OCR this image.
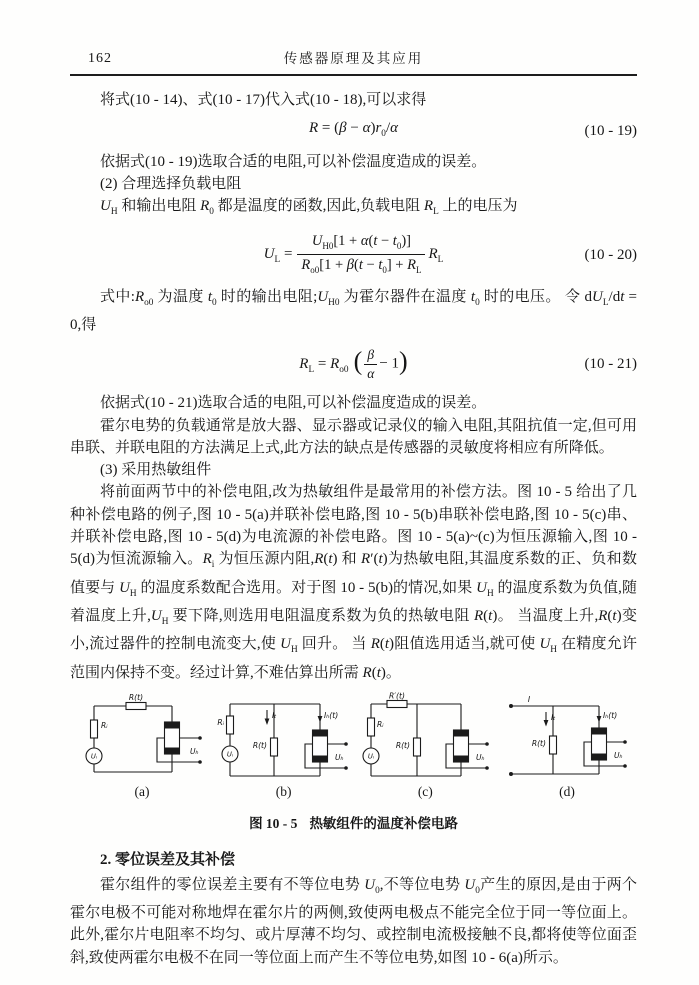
162	传感器原理及其应用

将式(10 - 14)、式(10 - 17)代入式(10 - 18),可以求得

$R = (\beta - \alpha)r_0/\alpha$	(10 - 19)

依据式(10 - 19)选取合适的电阻,可以补偿温度造成的误差。

(2) 合理选择负载电阻

$U_H$ 和输出电阻 $R_0$ 都是温度的函数,因此,负载电阻 $R_L$ 上的电压为

$U_L = \frac{U_{H0}[1 + \alpha(t - t_0)]}{R_{o0}[1 + \beta(t - t_0] + R_L} R_L$	(10 - 20)

式中$:R_{o0}$ 为温度 $t_0$ 时的输出电阻$;U_{H0}$ 为霍尔器件在温度 $t_0$ 时的电压。 令 $dU_L/dt = 0$,得

$R_L = R_{o0}$ ( $\frac{\beta}{\alpha} - 1$)	(10 - 21)

依据式(10 - 21)选取合适的电阻,可以补偿温度造成的误差。

霍尔电势的负载通常是放大器、显示器或记录仪的输入电阻,其阻抗值一定,但可用串联、并联电阻的方法满足上式,此方法的缺点是传感器的灵敏度将相应有所降低。

(3) 采用热敏组件

将前面两节中的补偿电阻,改为热敏组件是最常用的补偿方法。图 10 - 5 给出了几种补偿电路的例子,图 10 - 5(a)并联补偿电路,图 10 - 5(b)串联补偿电路,图 10 - 5(c)串、并联补偿电路,图 10 - 5(d)为电流源的补偿电路。图 10 - 5(a)~(c)为恒压源输入,图 10 - 5(d)为恒流源输入。$R_i$ 为恒压源内阻,R(t) 和 R′(t)为热敏电阻,其温度系数的正、负和数值要与 $U_H$ 的温度系数配合选用。对于图 10 - 5(b)的情况,如果 $U_H$ 的温度系数为负值,随着温度上升$,U_H$ 要下降,则选用电阻温度系数为负的热敏电阻 R(t)。 当温度上升,R(t)变小,流过器件的控制电流变大,使 $U_H$ 回升。 当 R(t)阻值选用适当,就可使 $U_H$ 在精度允许范围内保持不变。经过计算,不难估算出所需 R(t)。

R(t)
Rᵢ
Uᵢ
Uₕ
(a)
Rᵢ
Uᵢ
Iₜ
R(t)
Iₕ(t)
Uₕ
(b)
R′(t)
Rᵢ
Uᵢ
R(t)
Uₕ
(c)
I
Iₜ
R(t)
Iₕ(t)
Uₕ
(d)
图 10 - 5 热敏组件的温度补偿电路

2. 零位误差及其补偿

霍尔组件的零位误差主要有不等位电势 $U_0$,不等位电势 $U_0$产生的原因,是由于两个霍尔电极不可能对称地焊在霍尔片的两侧,致使两电极点不能完全位于同一等位面上。 此外,霍尔片电阻率不均匀、或片厚薄不均匀、或控制电流极接触不良,都将使等位面歪斜,致使两霍尔电极不在同一等位面上而产生不等位电势,如图 10 - 6(a)所示。
